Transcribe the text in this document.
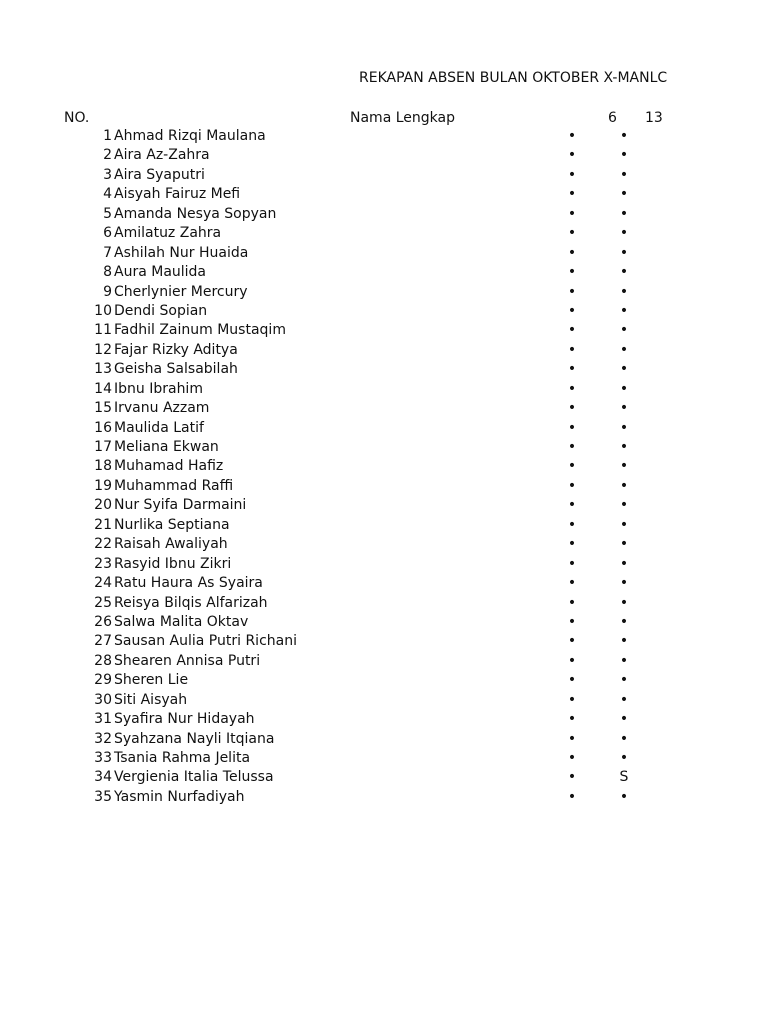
REKAPAN ABSEN BULAN OKTOBER X-MANLC
NO.	Nama Lengkap	6 13
1 Ahmad Rizqi Maulana	•	•
2 Aira Az-Zahra	•	•
3 Aira Syaputri	•	•
4 Aisyah Fairuz Mefi	•	•
5 Amanda Nesya Sopyan	•	•
6 Amilatuz Zahra	•	•
7 Ashilah Nur Huaida	•	•
8 Aura Maulida	•	•
9 Cherlynier Mercury	•	•
10 Dendi Sopian	•	•
11 Fadhil Zainum Mustaqim	•	•
12 Fajar Rizky Aditya	•	•
13 Geisha Salsabilah	•	•
14 Ibnu Ibrahim	•	•
15 Irvanu Azzam	•	•
16 Maulida Latif	•	•
17 Meliana Ekwan	•	•
18 Muhamad Hafiz	•	•
19 Muhammad Raffi	•	•
20 Nur Syifa Darmaini	•	•
21 Nurlika Septiana	•	•
22 Raisah Awaliyah	•	•
23 Rasyid Ibnu Zikri	•	•
24 Ratu Haura As Syaira	•	•
25 Reisya Bilqis Alfarizah	•	•
26 Salwa Malita Oktav	•	•
27 Sausan Aulia Putri Richani	•	•
28 Shearen Annisa Putri	•	•
29 Sheren Lie	•	•
30 Siti Aisyah	•	•
31 Syafira Nur Hidayah	•	•
32 Syahzana Nayli Itqiana	•	•
33 Tsania Rahma Jelita	•	•
34 Vergienia Italia Telussa	•	S
35 Yasmin Nurfadiyah	•	•
